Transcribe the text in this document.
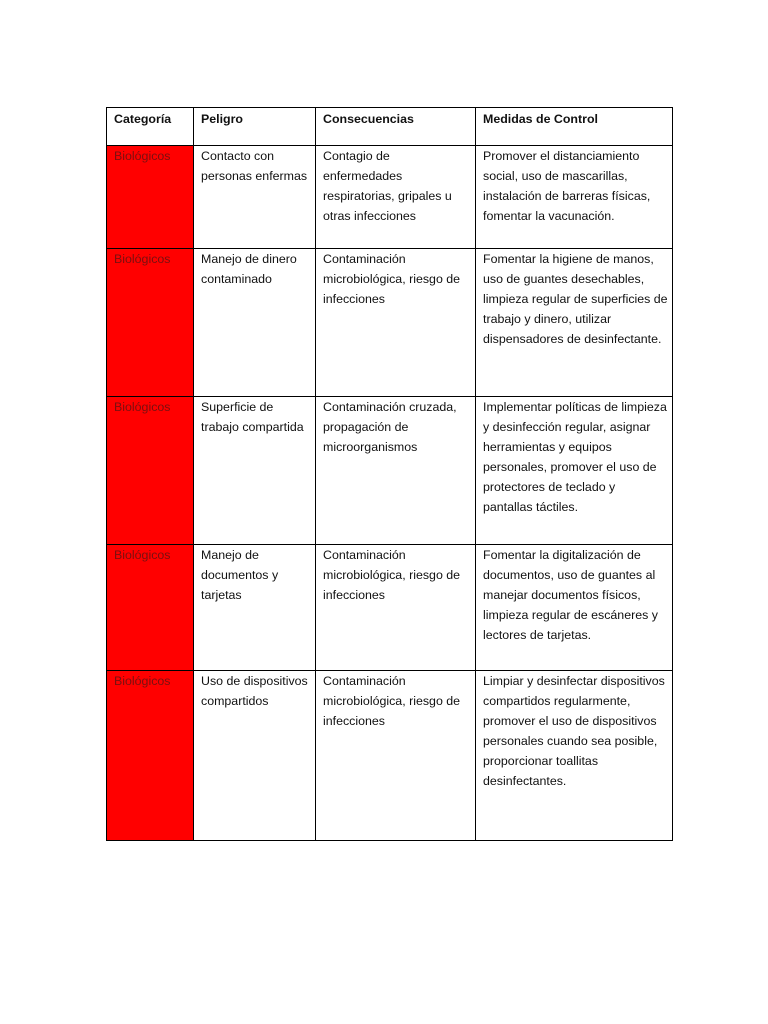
Categoría	Peligro	Consecuencias	Medidas de Control
Biológicos	Contacto con personas enfermas	Contagio de enfermedades respiratorias, gripales u otras infecciones	Promover el distanciamiento social, uso de mascarillas, instalación de barreras físicas, fomentar la vacunación.
Biológicos	Manejo de dinero contaminado	Contaminación microbiológica, riesgo de infecciones	Fomentar la higiene de manos, uso de guantes desechables, limpieza regular de superficies de trabajo y dinero, utilizar dispensadores de desinfectante.
Biológicos	Superficie de trabajo compartida	Contaminación cruzada, propagación de microorganismos	Implementar políticas de limpieza y desinfección regular, asignar herramientas y equipos personales, promover el uso de protectores de teclado y pantallas táctiles.
Biológicos	Manejo de documentos y tarjetas	Contaminación microbiológica, riesgo de infecciones	Fomentar la digitalización de documentos, uso de guantes al manejar documentos físicos, limpieza regular de escáneres y lectores de tarjetas.
Biológicos	Uso de dispositivos compartidos	Contaminación microbiológica, riesgo de infecciones	Limpiar y desinfectar dispositivos compartidos regularmente, promover el uso de dispositivos personales cuando sea posible, proporcionar toallitas desinfectantes.
